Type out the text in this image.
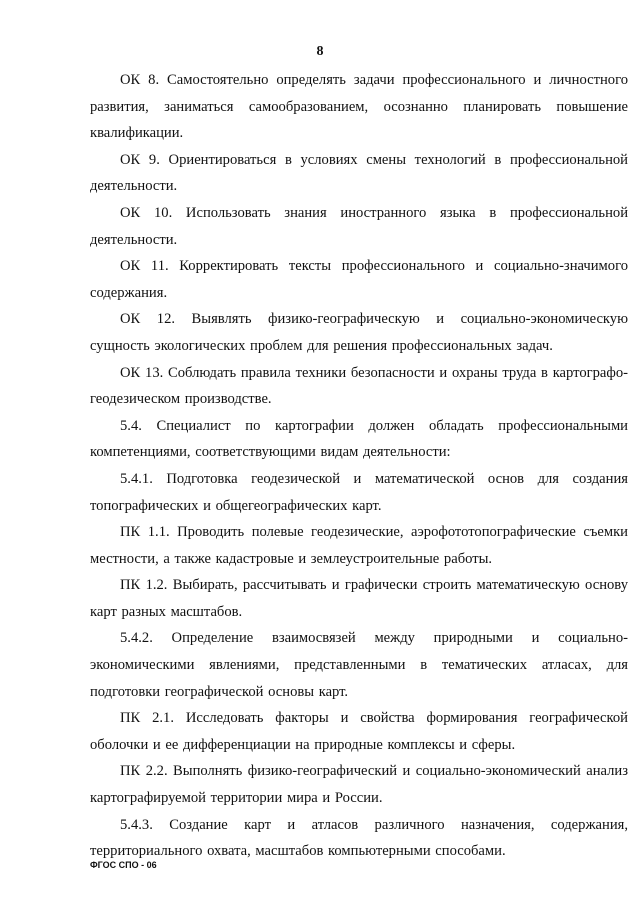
8

ОК 8. Самостоятельно определять задачи профессионального и личностного развития, заниматься самообразованием, осознанно планировать повышение квалификации.

ОК 9. Ориентироваться в условиях смены технологий в профессиональной деятельности.

ОК 10. Использовать знания иностранного языка в профессиональной деятельности.

ОК 11. Корректировать тексты профессионального и социально-значимого содержания.

ОК 12. Выявлять физико-географическую и социально-экономическую сущность экологических проблем для решения профессиональных задач.

ОК 13. Соблюдать правила техники безопасности и охраны труда в картографо-геодезическом производстве.

5.4. Специалист по картографии должен обладать профессиональными компетенциями, соответствующими видам деятельности:

5.4.1. Подготовка геодезической и математической основ для создания топографических и общегеографических карт.

ПК 1.1. Проводить полевые геодезические, аэрофототопографические съемки местности, а также кадастровые и землеустроительные работы.

ПК 1.2. Выбирать, рассчитывать и графически строить математическую основу карт разных масштабов.

5.4.2. Определение взаимосвязей между природными и социально-экономическими явлениями, представленными в тематических атласах, для подготовки географической основы карт.

ПК 2.1. Исследовать факторы и свойства формирования географической оболочки и ее дифференциации на природные комплексы и сферы.

ПК 2.2. Выполнять физико-географический и социально-экономический анализ картографируемой территории мира и России.

5.4.3. Создание карт и атласов различного назначения, содержания, территориального охвата, масштабов компьютерными способами.

ФГОС СПО - 06
